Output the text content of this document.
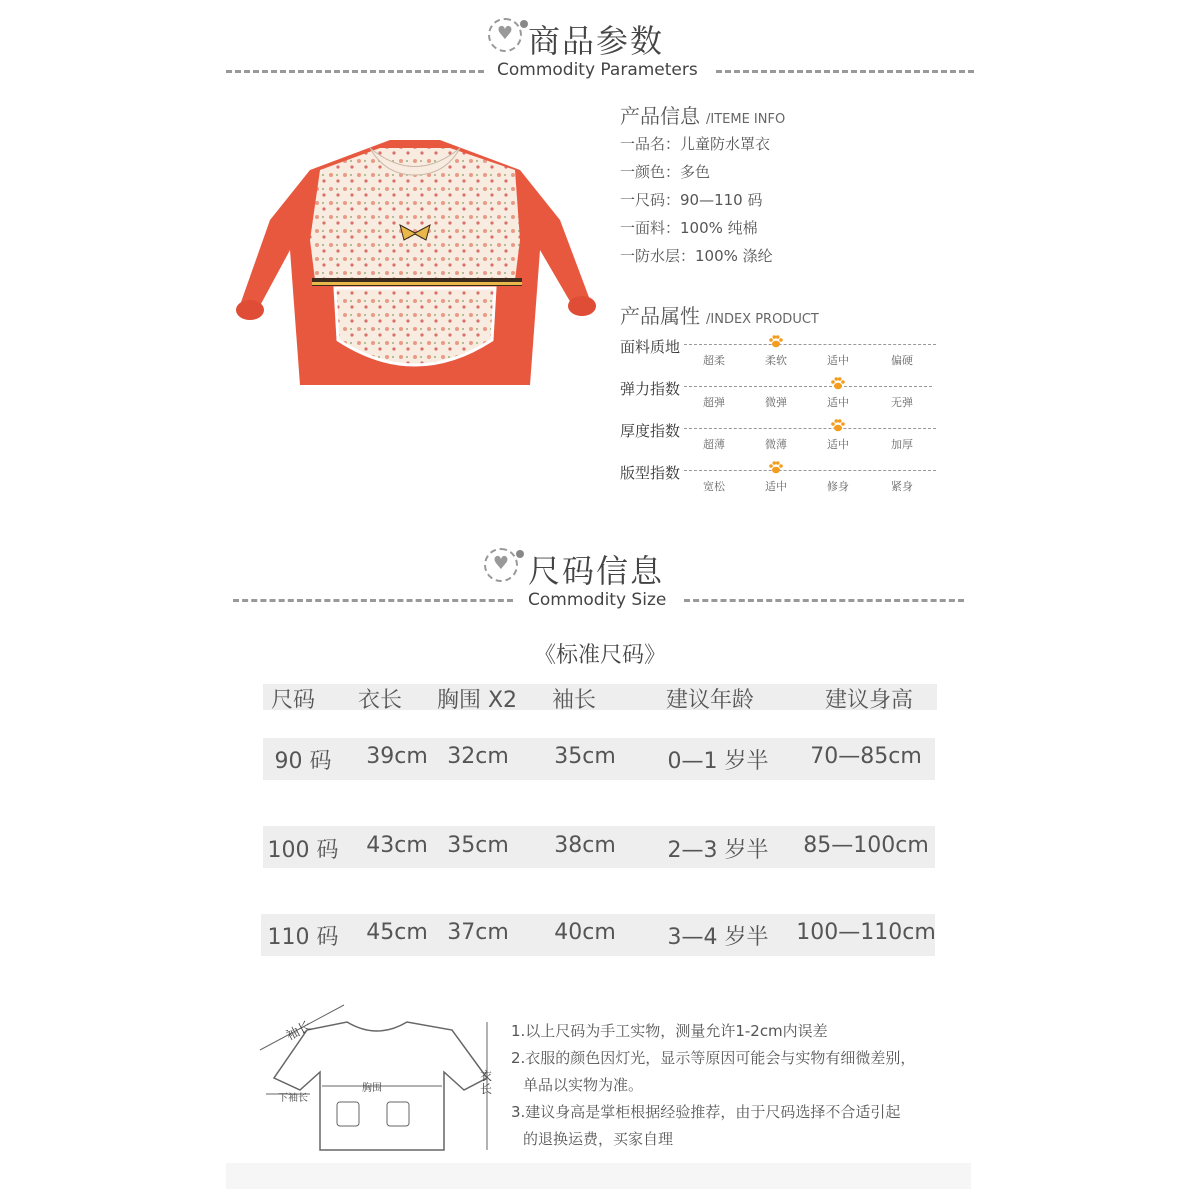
♥
商品参数
Commodity Parameters
产品信息 /ITEME INFO
一品名：儿童防水罩衣
一颜色：多色
一尺码：90—110 码
一面料：100% 纯棉
一防水层：100% 涤纶
产品属性 /INDEX PRODUCT
面料质地
超柔	柔软	适中	偏硬
弹力指数
超弹	微弹	适中	无弹
厚度指数
超薄	微薄	适中	加厚
版型指数
宽松	适中	修身	紧身
♥
尺码信息
Commodity Size
《标准尺码》
尺码 衣长 胸围 X2 袖长	建议年龄	建议身高
90 码 39cm 32cm 35cm 0—1 岁半 70—85cm
100 码 43cm 35cm 38cm 2—3 岁半 85—100cm
110 码 45cm 37cm 40cm 3—4 岁半 100—110cm
袖长
胸围
下袖长
衣长
1.以上尺码为手工实物，测量允许1-2cm内误差
2.衣服的颜色因灯光，显示等原因可能会与实物有细微差别，
单品以实物为准。
3.建议身高是掌柜根据经验推荐，由于尺码选择不合适引起
的退换运费，买家自理
